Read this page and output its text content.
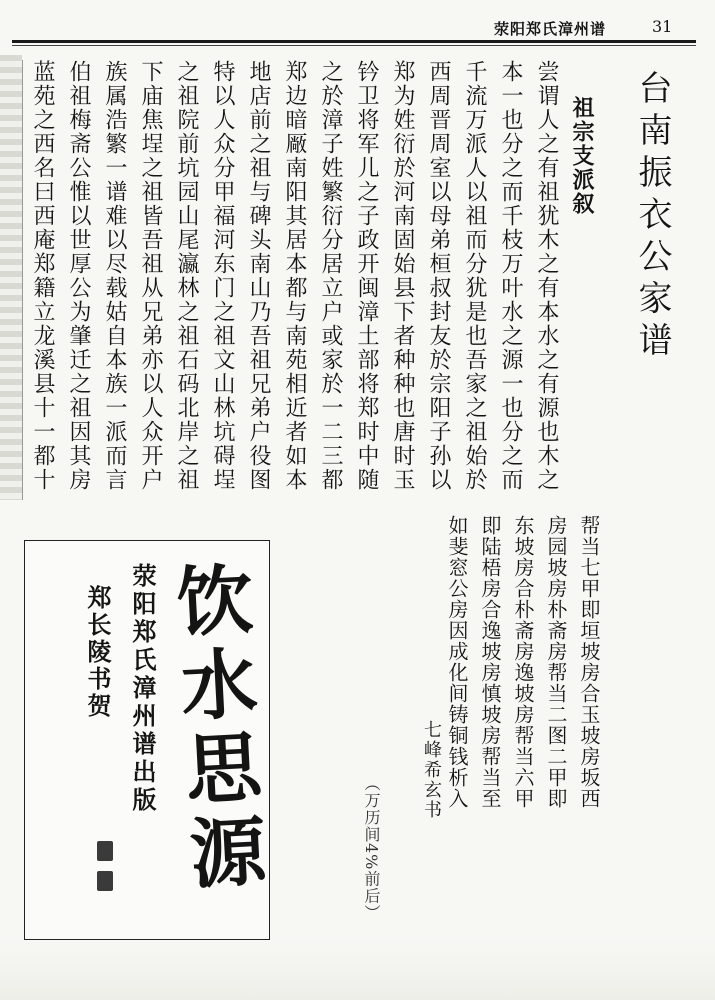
荥阳郑氏漳州谱	31
台南振衣公家谱
祖宗支派叙
尝谓人之有祖犹木之有本水之有源也木之本一也分之而千枝万叶水之源一也分之而千流万派人以祖而分犹是也吾家之祖始於西周晋周室以母弟桓叔封友於宗阳子孙以郑为姓衍於河南固始县下者种种也唐时玉钤卫将军儿之子政开闽漳土部将郑时中随之於漳子姓繁衍分居立户或家於一二三都郑边暗厰南阳其居本都与南苑相近者如本地店前之祖与碑头南山乃吾祖兄弟户役图特以人众分甲福河东门之祖文山林坑碍埕之祖院前坑园山尾瀛林之祖石码北岸之祖下庙焦埕之祖皆吾祖从兄弟亦以人众开户族属浩繁一谱难以尽载姑自本族一派而言伯祖梅斋公惟以世厚公为肇迁之祖因其房蓝苑之西名曰西庵郑籍立龙溪县十一都十
帮当七甲即垣坡房合玉坡房坂西房园坡房朴斋房帮当二图二甲即东坡房合朴斋房逸坡房帮当六甲即陆梧房合逸坡房慎坡房帮当至如斐窓公房因成化间铸铜钱析入
七峰希玄书
（万历间4%前后）
饮水思源
荥阳郑氏漳州谱出版
郑长陵书贺
